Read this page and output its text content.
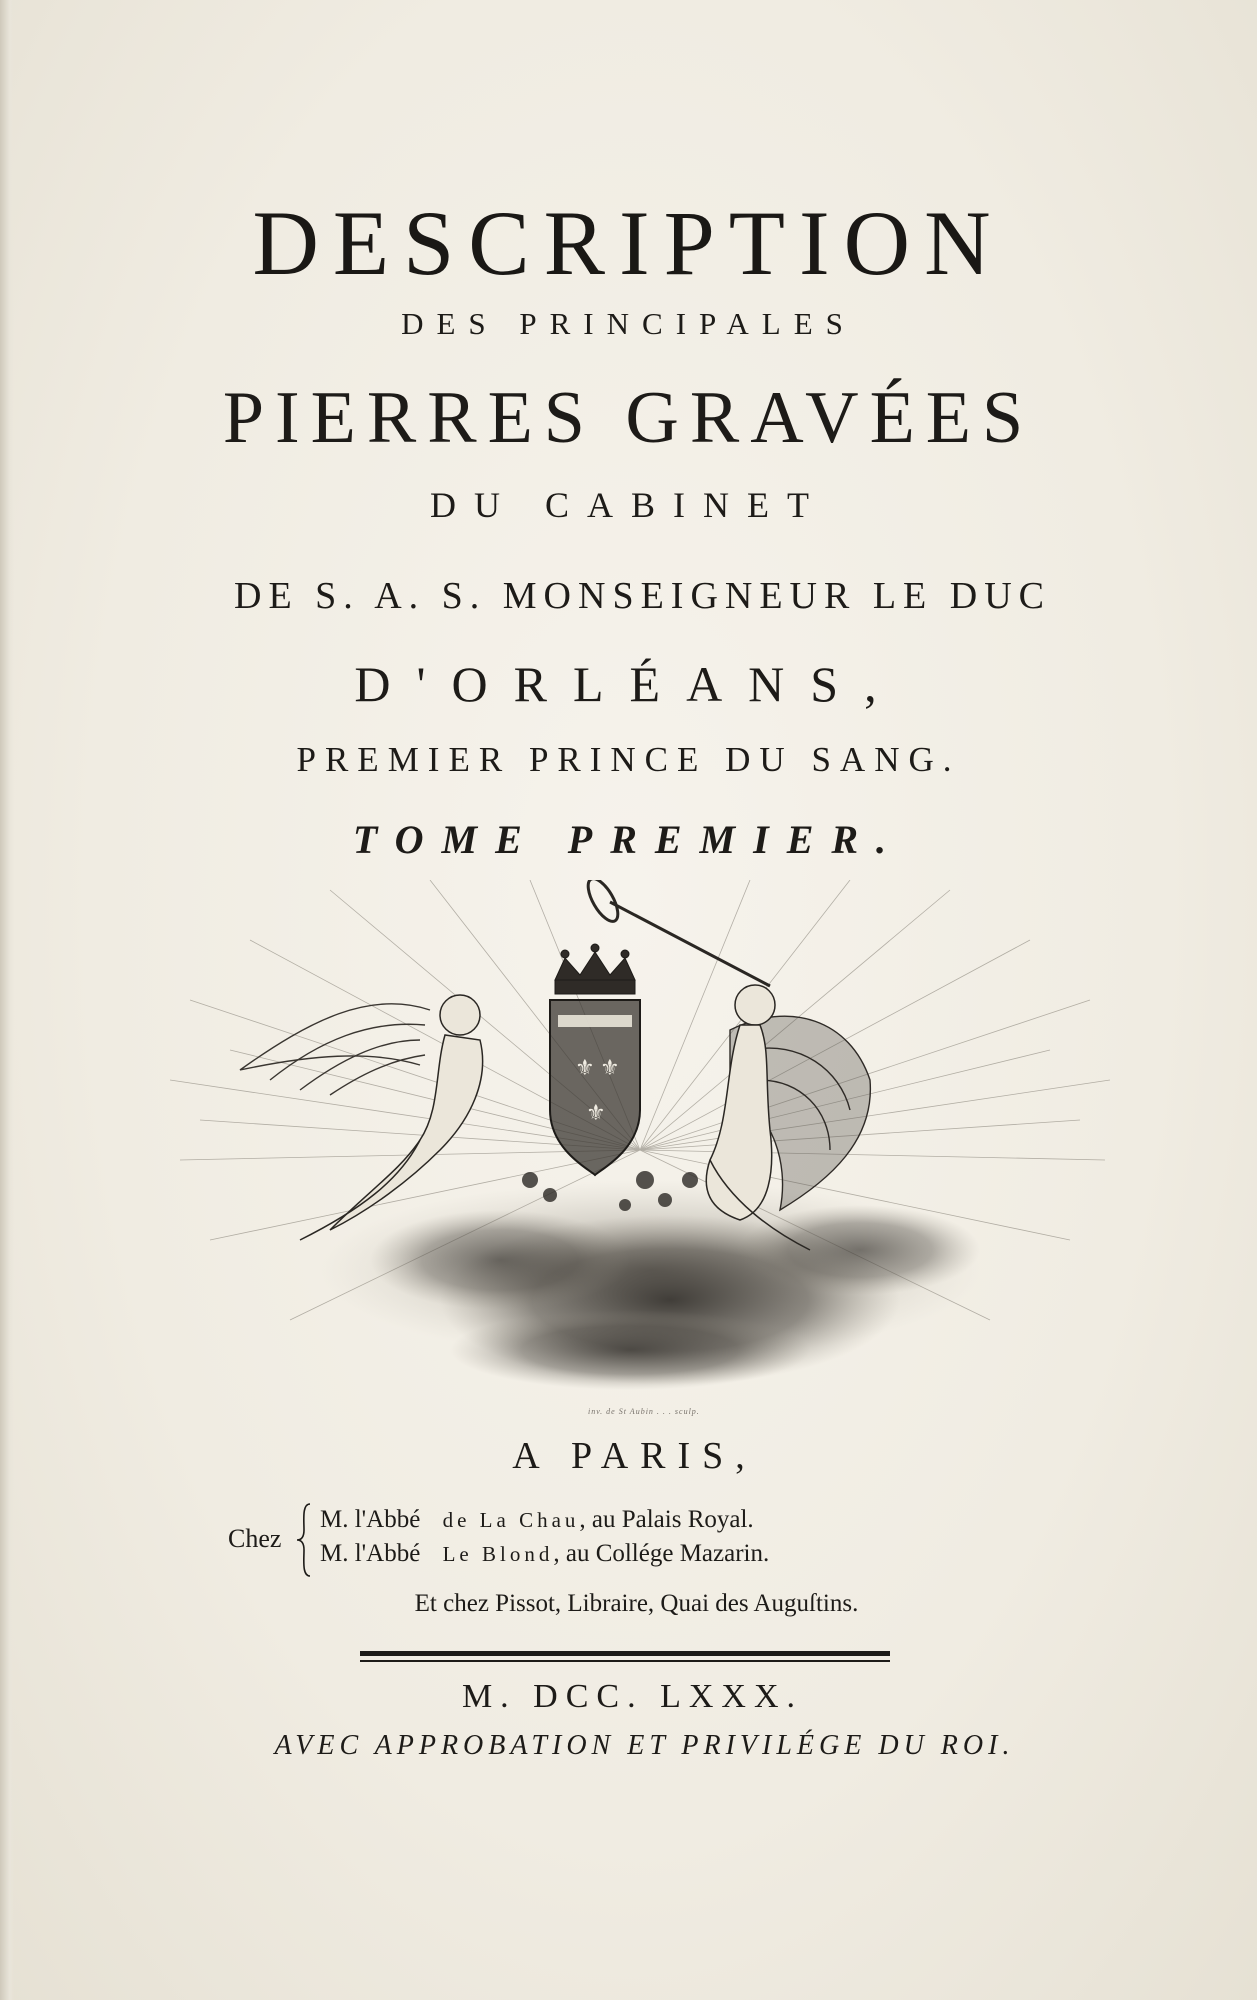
DESCRIPTION
DES PRINCIPALES
PIERRES GRAVÉES
DU CABINET
DE S. A. S. MONSEIGNEUR LE DUC
D'ORLÉANS,
PREMIER PRINCE DU SANG.
TOME PREMIER.
⚜ ⚜
⚜
inv. de St Aubin . . . sculp.
A PARIS,
Chez
M. l'Abbé de La Chau, au Palais Royal.
M. l'Abbé Le Blond, au Collége Mazarin.
Et chez Pissot, Libraire, Quai des Auguſtins.
M. DCC. LXXX.
AVEC APPROBATION ET PRIVILÉGE DU ROI.
